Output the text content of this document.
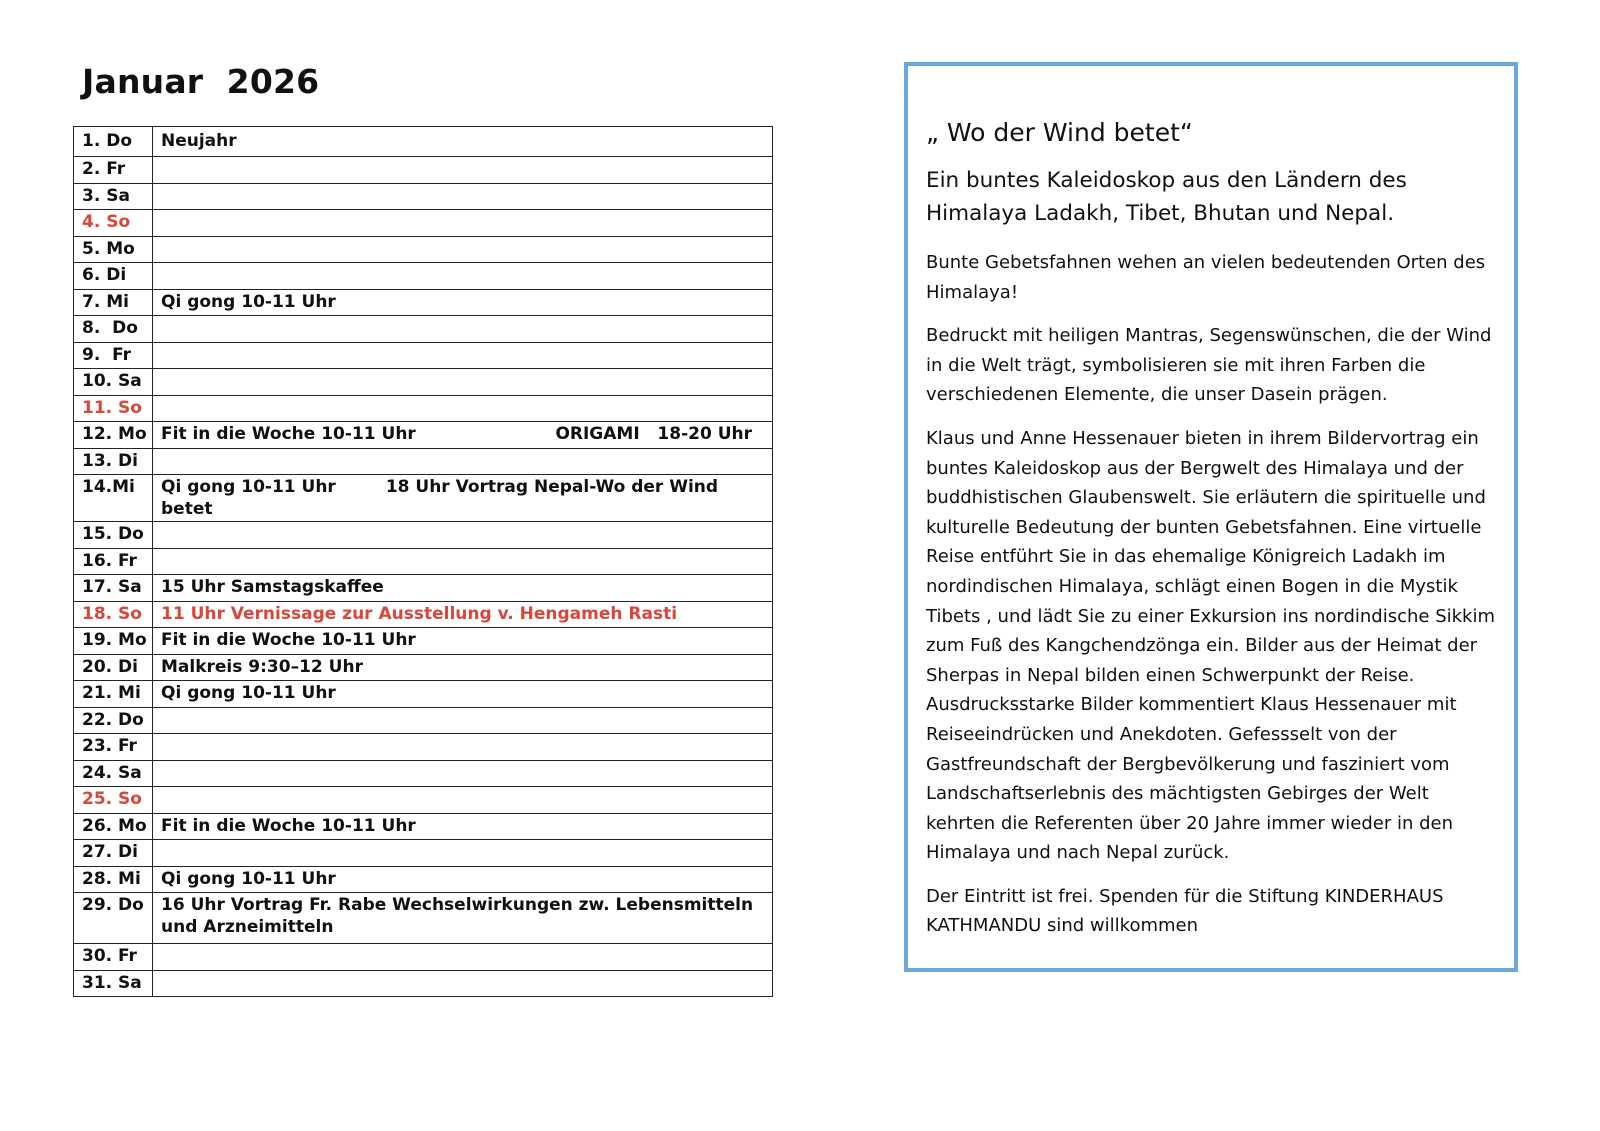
Januar  2026
1. Do	Neujahr
2. Fr	
3. Sa	
4. So	
5. Mo	
6. Di	
7. Mi	Qi gong 10-11 Uhr
8.  Do	
9.  Fr	
10. Sa	
11. So	
12. Mo	Fit in die Woche 10-11 Uhr ORIGAMI   18-20 Uhr

13. Di	
14.Mi	Qi gong 10-11 Uhr 18 Uhr Vortrag Nepal-Wo der Wind betet
15. Do	
16. Fr	
17. Sa	15 Uhr Samstagskaffee
18. So	11 Uhr Vernissage zur Ausstellung v. Hengameh Rasti
19. Mo	Fit in die Woche 10-11 Uhr
20. Di	Malkreis 9:30–12 Uhr
21. Mi	Qi gong 10-11 Uhr
22. Do	
23. Fr	
24. Sa	
25. So	
26. Mo	Fit in die Woche 10-11 Uhr
27. Di	
28. Mi	Qi gong 10-11 Uhr
29. Do	16 Uhr Vortrag Fr. Rabe Wechselwirkungen zw. Lebensmitteln und Arzneimitteln
30. Fr	
31. Sa	
„ Wo der Wind betet“
Ein buntes Kaleidoskop aus den Ländern des Himalaya Ladakh, Tibet, Bhutan und Nepal.

Bunte Gebetsfahnen wehen an vielen bedeutenden Orten des Himalaya!

Bedruckt mit heiligen Mantras, Segenswünschen, die der Wind in die Welt trägt, symbolisieren sie mit ihren Farben die verschiedenen Elemente, die unser Dasein prägen.

Klaus und Anne Hessenauer bieten in ihrem Bildervortrag ein buntes Kaleidoskop aus der Bergwelt des Himalaya und der buddhistischen Glaubenswelt. Sie erläutern die spirituelle und kulturelle Bedeutung der bunten Gebetsfahnen. Eine virtuelle Reise entführt Sie in das ehemalige Königreich Ladakh im nordindischen Himalaya, schlägt einen Bogen in die Mystik Tibets , und lädt Sie zu einer Exkursion ins nordindische Sikkim zum Fuß des Kangchendzönga ein. Bilder aus der Heimat der Sherpas in Nepal bilden einen Schwerpunkt der Reise. Ausdrucksstarke Bilder kommentiert Klaus Hessenauer mit Reiseeindrücken und Anekdoten. Gefessselt von der Gastfreundschaft der Bergbevölkerung und fasziniert vom Landschaftserlebnis des mächtigsten Gebirges der Welt kehrten die Referenten über 20 Jahre immer wieder in den Himalaya und nach Nepal zurück.

Der Eintritt ist frei. Spenden für die Stiftung KINDERHAUS KATHMANDU sind willkommen
